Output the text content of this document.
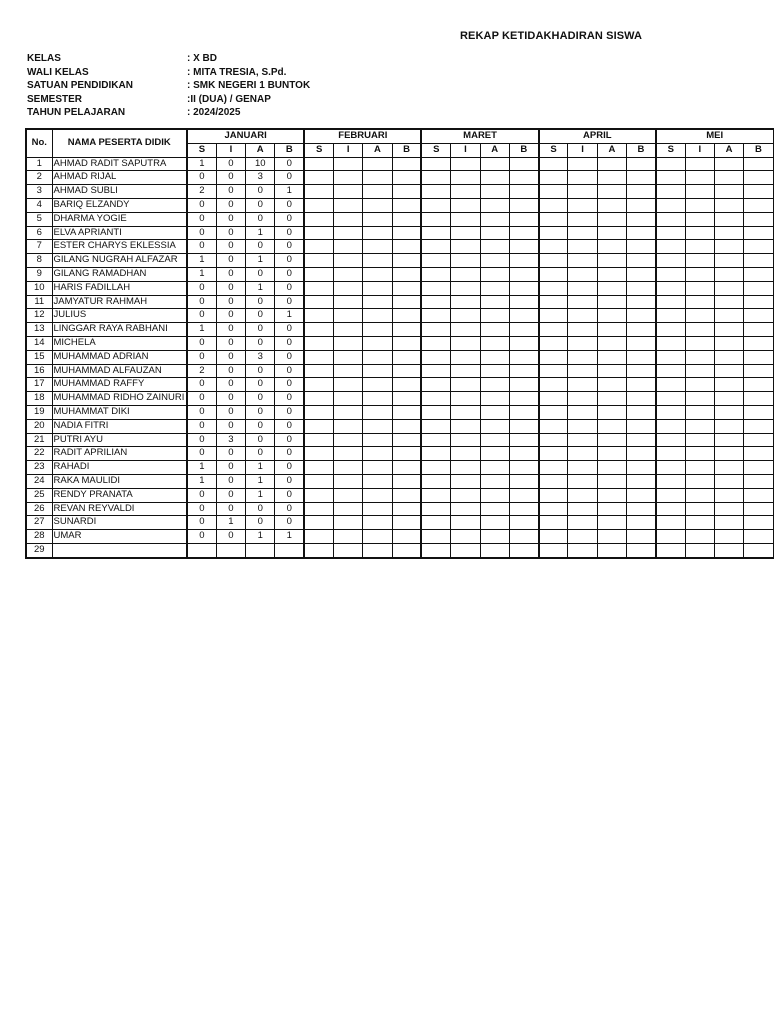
REKAP KETIDAKHADIRAN SISWA
KELAS	: X BD
WALI KELAS	: MITA TRESIA, S.Pd.
SATUAN PENDIDIKAN	: SMK NEGERI 1 BUNTOK
SEMESTER	:II (DUA) / GENAP
TAHUN PELAJARAN	: 2024/2025
No.	NAMA PESERTA DIDIK	JANUARI				FEBRUARI				MARET				APRIL				MEI			
		S	I	A	B	S	I	A	B	S	I	A	B	S	I	A	B	S	I	A	B
1	AHMAD RADIT SAPUTRA	1	0	10	0																
2	AHMAD RIJAL	0	0	3	0																
3	AHMAD SUBLI	2	0	0	1																
4	BARIQ ELZANDY	0	0	0	0																
5	DHARMA YOGIE	0	0	0	0																
6	ELVA APRIANTI	0	0	1	0																
7	ESTER CHARYS EKLESSIA	0	0	0	0																
8	GILANG NUGRAH ALFAZAR	1	0	1	0																
9	GILANG RAMADHAN	1	0	0	0																
10	HARIS FADILLAH	0	0	1	0																
11	JAMYATUR RAHMAH	0	0	0	0																
12	JULIUS	0	0	0	1																
13	LINGGAR RAYA RABHANI	1	0	0	0																
14	MICHELA	0	0	0	0																
15	MUHAMMAD ADRIAN	0	0	3	0																
16	MUHAMMAD ALFAUZAN	2	0	0	0																
17	MUHAMMAD RAFFY	0	0	0	0																
18	MUHAMMAD RIDHO ZAINURI	0	0	0	0																
19	MUHAMMAT DIKI	0	0	0	0																
20	NADIA FITRI	0	0	0	0																
21	PUTRI AYU	0	3	0	0																
22	RADIT APRILIAN	0	0	0	0																
23	RAHADI	1	0	1	0																
24	RAKA MAULIDI	1	0	1	0																
25	RENDY PRANATA	0	0	1	0																
26	REVAN REYVALDI	0	0	0	0																
27	SUNARDI	0	1	0	0																
28	UMAR	0	0	1	1																
29																					
